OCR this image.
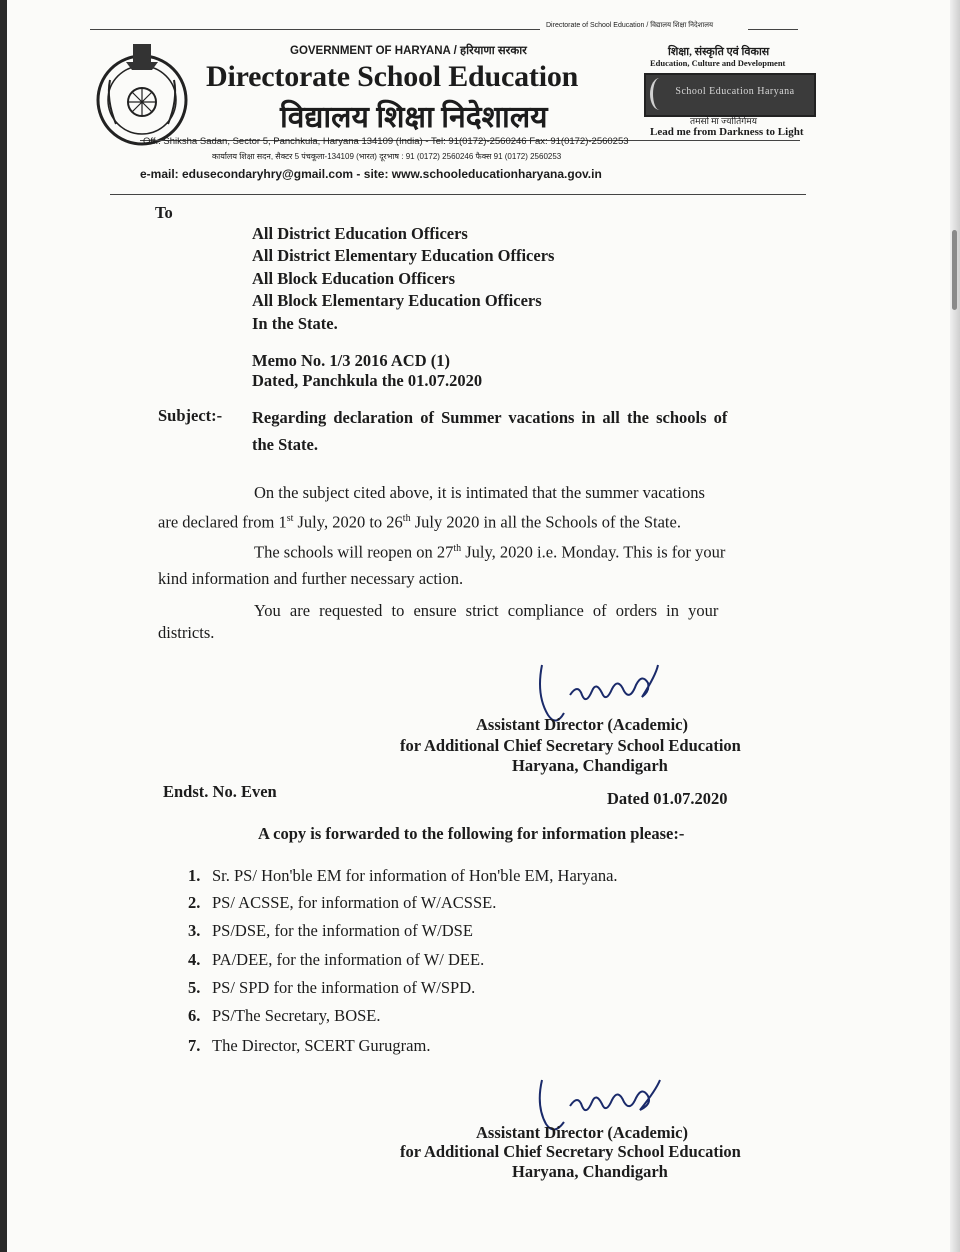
Directorate of School Education / विद्यालय शिक्षा निदेशालय

GOVERNMENT OF HARYANA / हरियाणा सरकार

Directorate School Education

विद्यालय शिक्षा निदेशालय

शिक्षा, संस्कृति एवं विकास

Education, Culture and Development

School Education Haryana

तमसो मा ज्योतिर्गमय

Lead me from Darkness to Light

Off.: Shiksha Sadan, Sector 5, Panchkula, Haryana 134109 (India) - Tel: 91(0172)-2560246 Fax: 91(0172)-2560253

कार्यालय शिक्षा सदन, सैक्टर 5 पंचकूला-134109 (भारत) दूरभाष : 91 (0172) 2560246 फैक्स 91 (0172) 2560253

e-mail: edusecondaryhry@gmail.com - site: www.schooleducationharyana.gov.in

To

All District Education Officers

All District Elementary Education Officers

All Block Education Officers

All Block Elementary Education Officers

In the State.

Memo No. 1/3 2016 ACD (1)

Dated, Panchkula the 01.07.2020

Subject:- Regarding declaration of Summer vacations in all the schools of

the State.

On the subject cited above, it is intimated that the summer vacations

are declared from 1st July, 2020 to 26th July 2020 in all the Schools of the State.

The schools will reopen on 27th July, 2020 i.e. Monday. This is for your

kind information and further necessary action.

You are requested to ensure strict compliance of orders in your

districts.

Assistant Director (Academic)

for Additional Chief Secretary School Education

Haryana, Chandigarh

Endst. No. Even	Dated 01.07.2020

A copy is forwarded to the following for information please:-

1. Sr. PS/ Hon'ble EM for information of Hon'ble EM, Haryana.
2. PS/ ACSSE, for information of W/ACSSE.
3. PS/DSE, for the information of W/DSE
4. PA/DEE, for the information of W/ DEE.
5. PS/ SPD for the information of W/SPD.
6. PS/The Secretary, BOSE.
7. The Director, SCERT Gurugram.

Assistant Director (Academic)

for Additional Chief Secretary School Education

Haryana, Chandigarh
